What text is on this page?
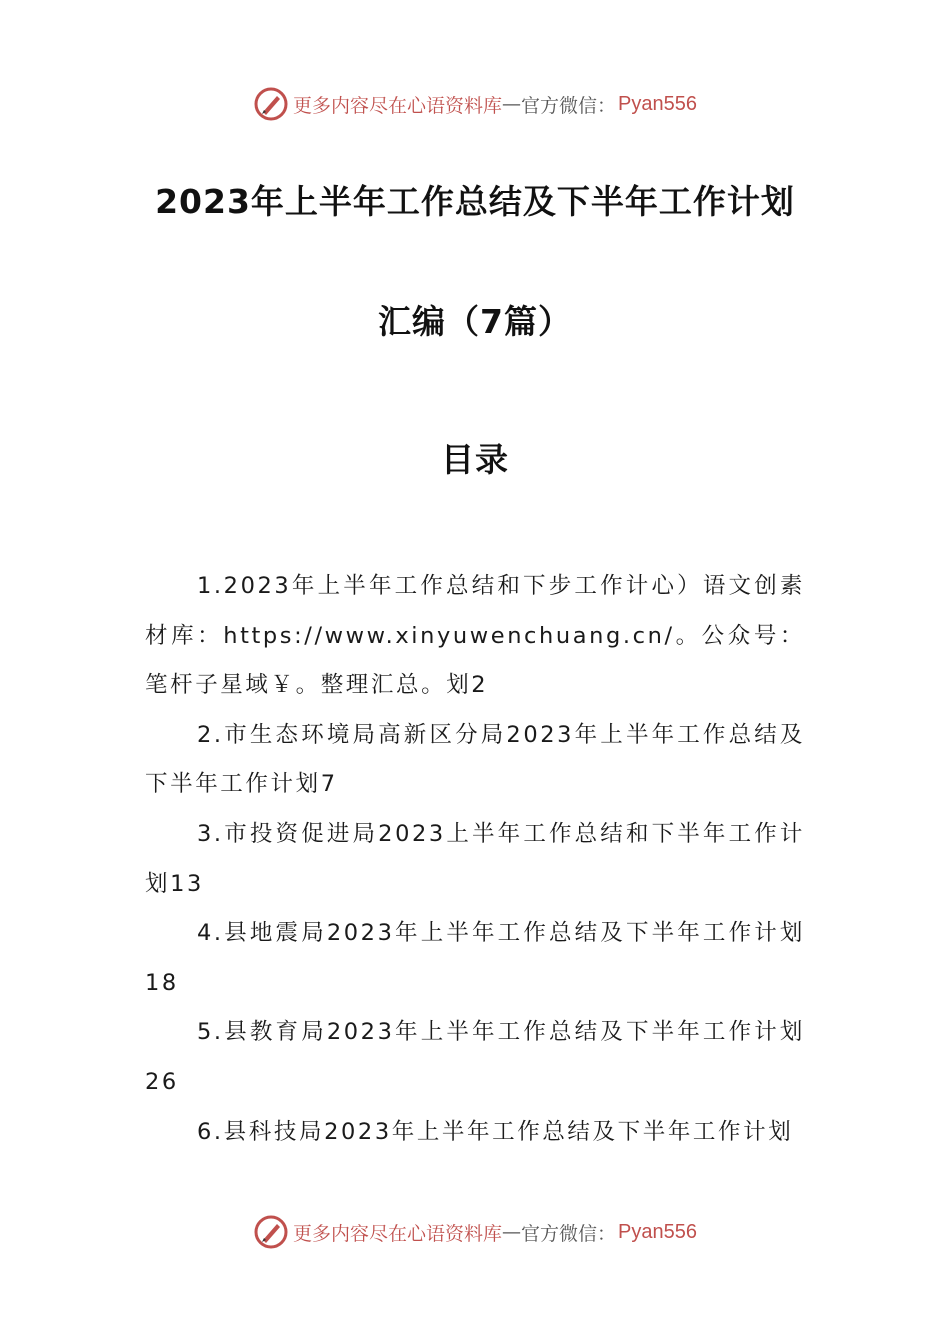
更多内容尽在心语资料库 — 官方微信： Pyan556
2023年上半年工作总结及下半年工作计划
汇编（7篇）
目录
1.2023年上半年工作总结和下步工作计心）语文创素材库：https://www.xinyuwenchuang.cn/。公众号：笔杆子星域￥。整理汇总。划2
2.市生态环境局高新区分局2023年上半年工作总结及下半年工作计划7
3.市投资促进局2023上半年工作总结和下半年工作计划13
4.县地震局2023年上半年工作总结及下半年工作计划18
5.县教育局2023年上半年工作总结及下半年工作计划26
6.县科技局2023年上半年工作总结及下半年工作计划
更多内容尽在心语资料库 — 官方微信： Pyan556
